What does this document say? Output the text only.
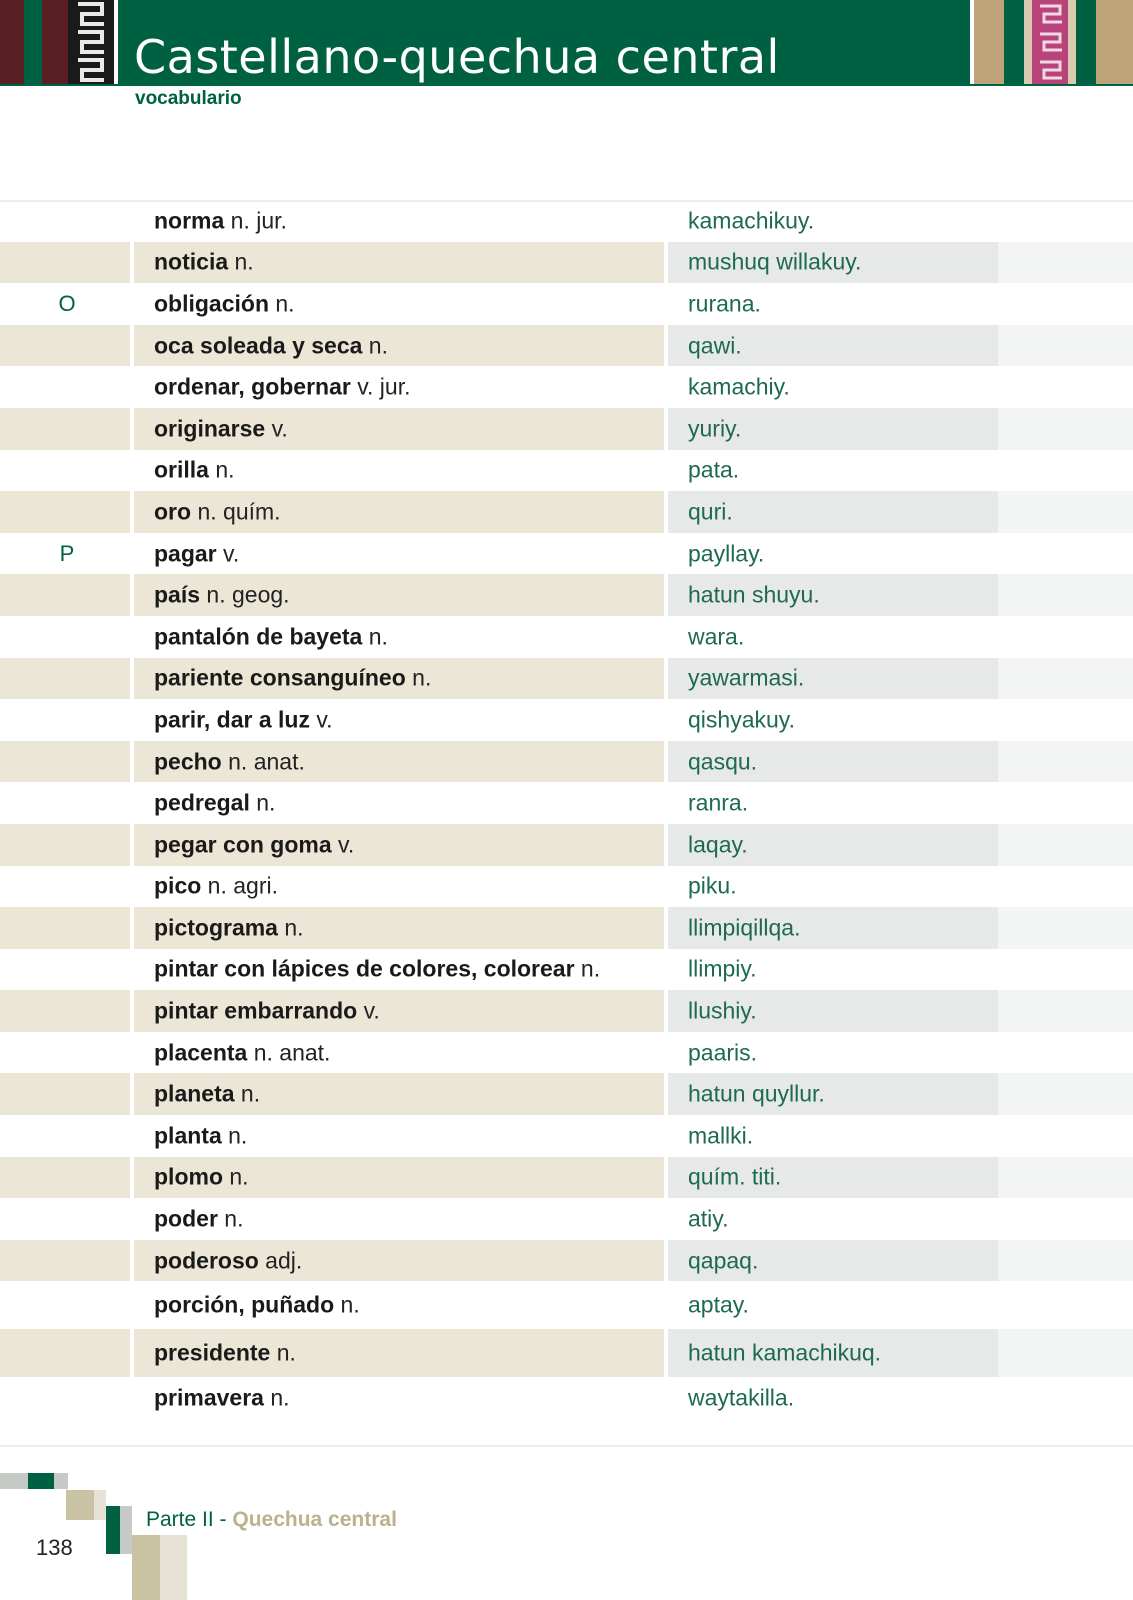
Castellano-quechua central
vocabulario
norma n. jur.	kamachikuy.
noticia n.	mushuq willakuy.
O	obligación n.	rurana.
oca soleada y seca n.	qawi.
ordenar, gobernar v. jur.	kamachiy.
originarse v.	yuriy.
orilla n.	pata.
oro n. quím.	quri.
P	pagar v.	payllay.
país n. geog.	hatun shuyu.
pantalón de bayeta n.	wara.
pariente consanguíneo n.	yawarmasi.
parir, dar a luz v.	qishyakuy.
pecho n. anat.	qasqu.
pedregal n.	ranra.
pegar con goma v.	laqay.
pico n. agri.	piku.
pictograma n.	llimpiqillqa.
pintar con lápices de colores, colorear n.	llimpiy.
pintar embarrando v.	llushiy.
placenta n. anat.	paaris.
planeta n.	hatun quyllur.
planta n.	mallki.
plomo n.	quím. titi.
poder n.	atiy.
poderoso adj.	qapaq.
porción, puñado n.	aptay.
presidente n.	hatun kamachikuq.
primavera n.	waytakilla.
Parte II - Quechua central
138
